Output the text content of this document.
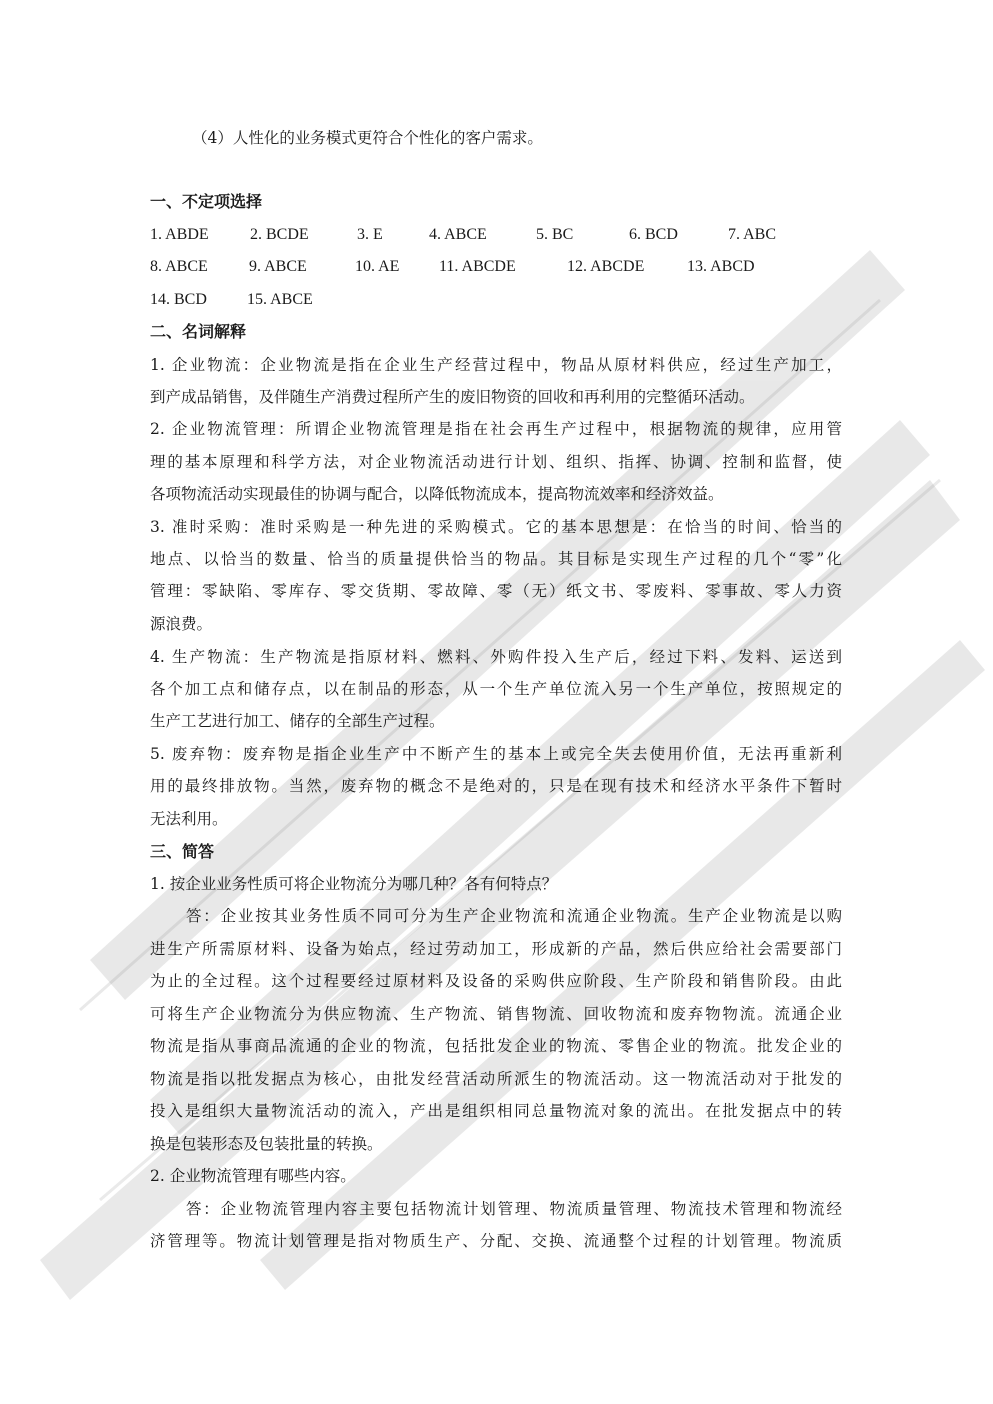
（4）人性化的业务模式更符合个性化的客户需求。
一、不定项选择
1. ABDE	2. BCDE	3. E	4. ABCE	5. BC	6. BCD	7. ABC
8. ABCE	9. ABCE	10. AE 11. ABCDE	12. ABCDE	13. ABCD
14. BCD	15. ABCE
二、名词解释
1. 企业物流：企业物流是指在企业生产经营过程中，物品从原材料供应，经过生产加工，
到产成品销售，及伴随生产消费过程所产生的废旧物资的回收和再利用的完整循环活动。
2. 企业物流管理：所谓企业物流管理是指在社会再生产过程中，根据物流的规律，应用管
理的基本原理和科学方法，对企业物流活动进行计划、组织、指挥、协调、控制和监督，使
各项物流活动实现最佳的协调与配合，以降低物流成本，提高物流效率和经济效益。
3. 准时采购：准时采购是一种先进的采购模式。它的基本思想是：在恰当的时间、恰当的
地点、以恰当的数量、恰当的质量提供恰当的物品。其目标是实现生产过程的几个“零”化
管理：零缺陷、零库存、零交货期、零故障、零（无）纸文书、零废料、零事故、零人力资
源浪费。
4. 生产物流：生产物流是指原材料、燃料、外购件投入生产后，经过下料、发料、运送到
各个加工点和储存点，以在制品的形态，从一个生产单位流入另一个生产单位，按照规定的
生产工艺进行加工、储存的全部生产过程。
5. 废弃物：废弃物是指企业生产中不断产生的基本上或完全失去使用价值，无法再重新利
用的最终排放物。当然，废弃物的概念不是绝对的，只是在现有技术和经济水平条件下暂时
无法利用。
三、简答
1. 按企业业务性质可将企业物流分为哪几种？各有何特点？
答：企业按其业务性质不同可分为生产企业物流和流通企业物流。生产企业物流是以购
进生产所需原材料、设备为始点，经过劳动加工，形成新的产品，然后供应给社会需要部门
为止的全过程。这个过程要经过原材料及设备的采购供应阶段、生产阶段和销售阶段。由此
可将生产企业物流分为供应物流、生产物流、销售物流、回收物流和废弃物物流。流通企业
物流是指从事商品流通的企业的物流，包括批发企业的物流、零售企业的物流。批发企业的
物流是指以批发据点为核心，由批发经营活动所派生的物流活动。这一物流活动对于批发的
投入是组织大量物流活动的流入，产出是组织相同总量物流对象的流出。在批发据点中的转
换是包装形态及包装批量的转换。
2. 企业物流管理有哪些内容。
答：企业物流管理内容主要包括物流计划管理、物流质量管理、物流技术管理和物流经
济管理等。物流计划管理是指对物质生产、分配、交换、流通整个过程的计划管理。物流质
